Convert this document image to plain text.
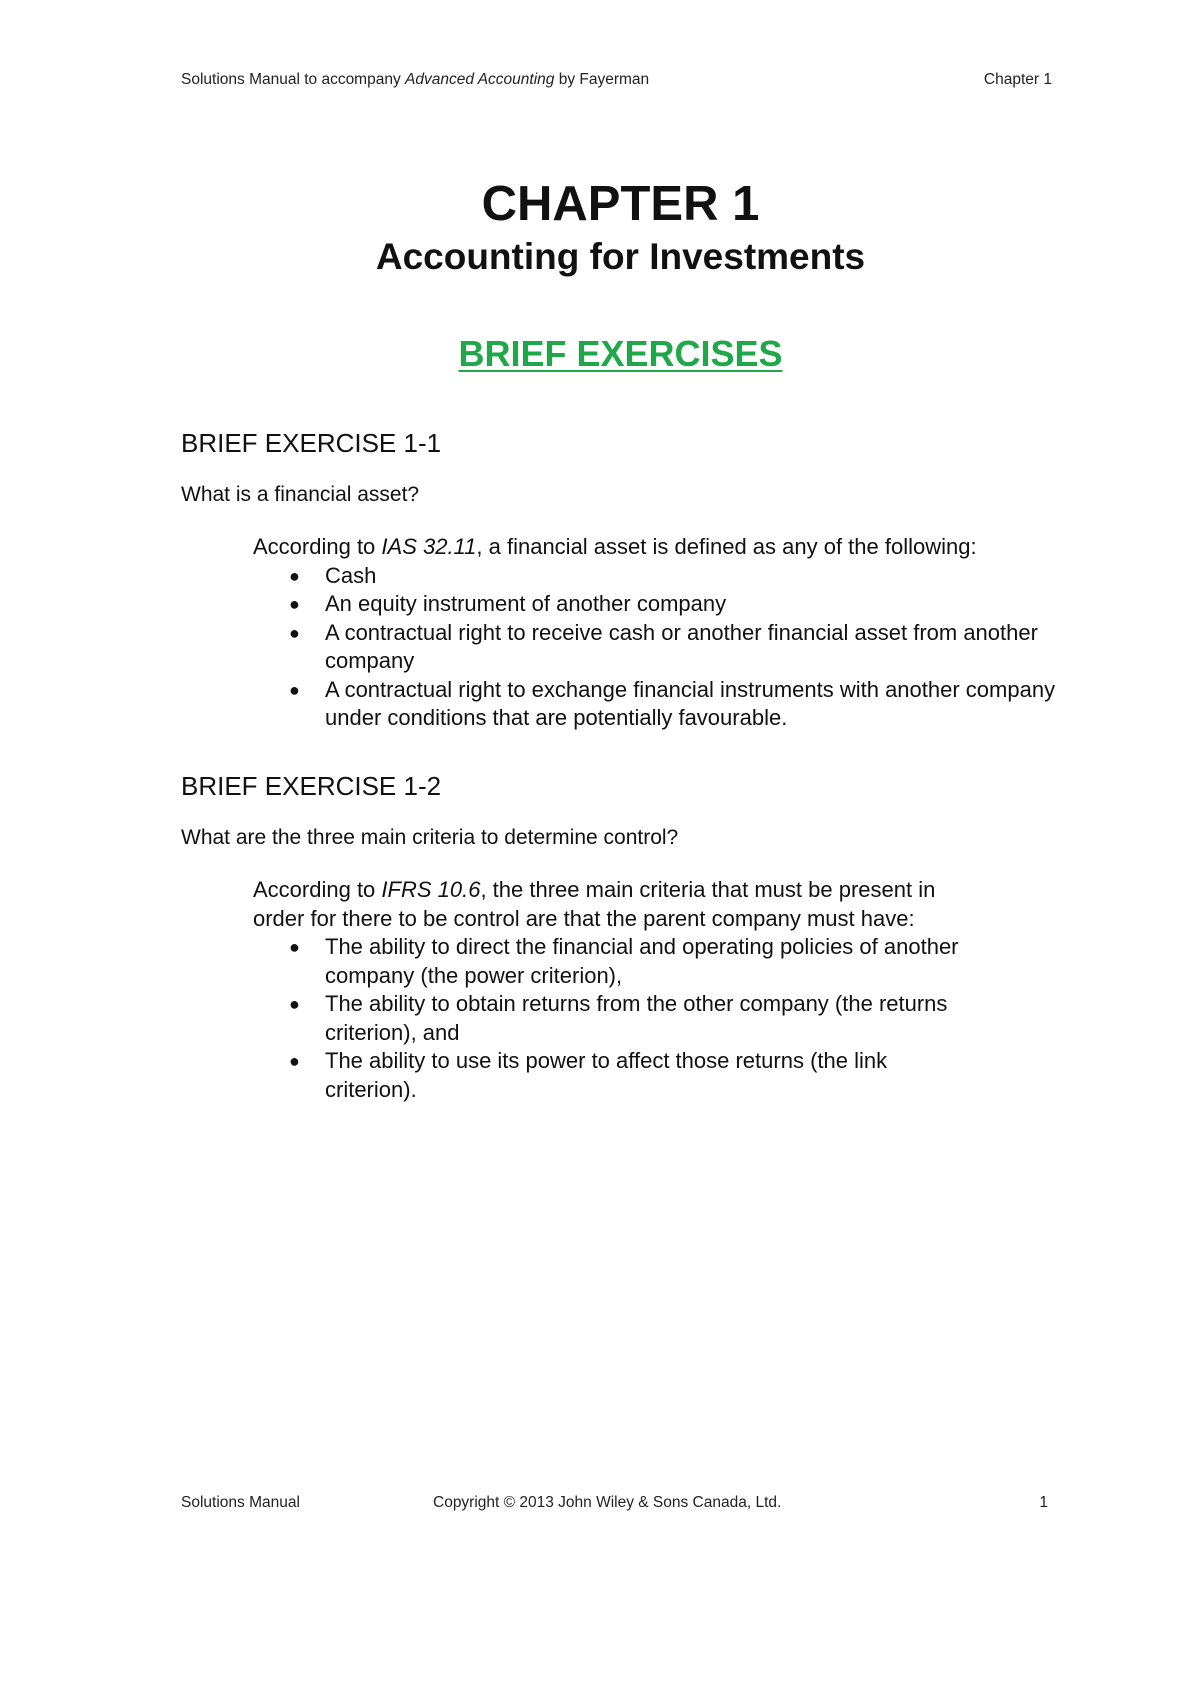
Solutions Manual to accompany Advanced Accounting by Fayerman	Chapter 1
CHAPTER 1
Accounting for Investments
BRIEF EXERCISES
BRIEF EXERCISE 1-1
What is a financial asset?

According to IAS 32.11, a financial asset is defined as any of the following:

● Cash
● An equity instrument of another company
● A contractual right to receive cash or another financial asset from another company
● A contractual right to exchange financial instruments with another company under conditions that are potentially favourable.
BRIEF EXERCISE 1-2
What are the three main criteria to determine control?

According to IFRS 10.6, the three main criteria that must be present in order for there to be control are that the parent company must have:

● The ability to direct the financial and operating policies of another company (the power criterion),
● The ability to obtain returns from the other company (the returns criterion), and
● The ability to use its power to affect those returns (the link criterion).
Solutions Manual	Copyright © 2013 John Wiley & Sons Canada, Ltd.	1
